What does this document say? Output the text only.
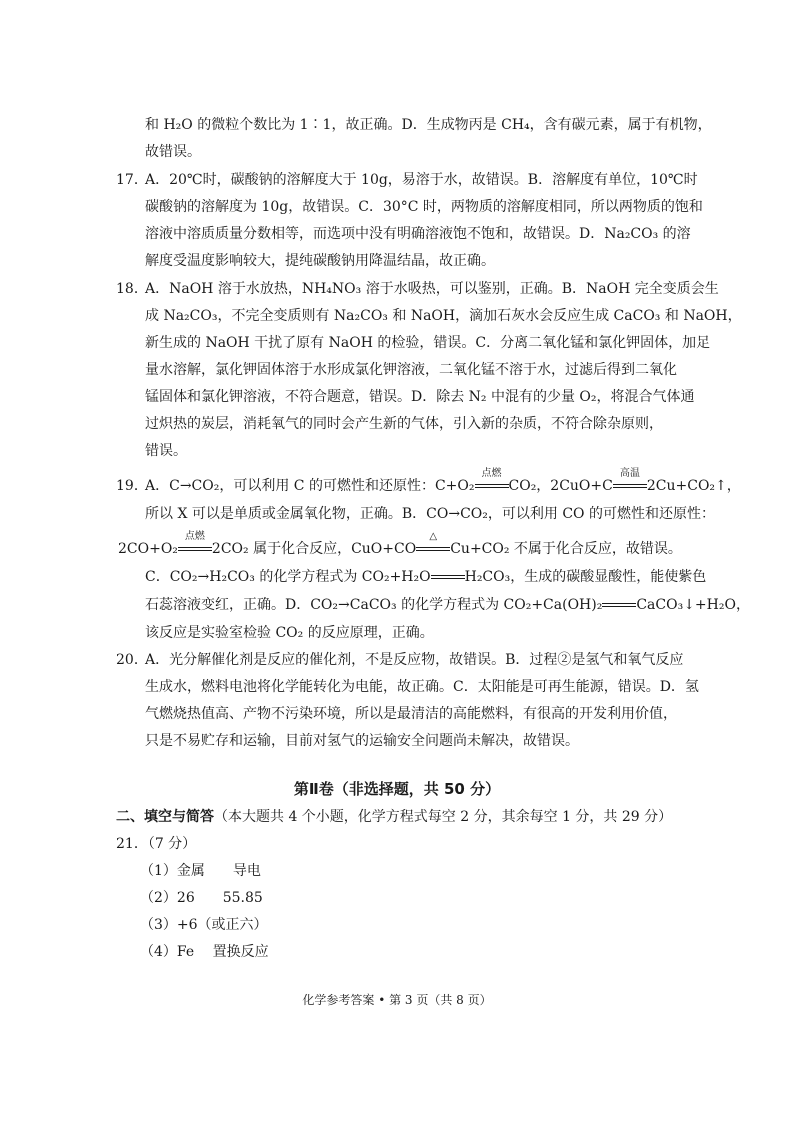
和 H₂O 的微粒个数比为 1∶1，故正确。D．生成物丙是 CH₄，含有碳元素，属于有机物，
故错误。
17．
A．20℃时，碳酸钠的溶解度大于 10g，易溶于水，故错误。B．溶解度有单位，10℃时
碳酸钠的溶解度为 10g，故错误。C．30°C 时，两物质的溶解度相同，所以两物质的饱和
溶液中溶质质量分数相等，而选项中没有明确溶液饱不饱和，故错误。D．Na₂CO₃ 的溶
解度受温度影响较大，提纯碳酸钠用降温结晶，故正确。
18．
A．NaOH 溶于水放热，NH₄NO₃ 溶于水吸热，可以鉴别，正确。B．NaOH 完全变质会生
成 Na₂CO₃，不完全变质则有 Na₂CO₃ 和 NaOH，滴加石灰水会反应生成 CaCO₃ 和 NaOH，
新生成的 NaOH 干扰了原有 NaOH 的检验，错误。C．分离二氧化锰和氯化钾固体，加足
量水溶解，氯化钾固体溶于水形成氯化钾溶液，二氧化锰不溶于水，过滤后得到二氧化
锰固体和氯化钾溶液，不符合题意，错误。D．除去 N₂ 中混有的少量 O₂，将混合气体通
过炽热的炭层，消耗氧气的同时会产生新的气体，引入新的杂质，不符合除杂原则，
错误。
19．
A．C→CO₂，可以利用 C 的可燃性和还原性：C+O₂
点燃
CO₂，2CuO+C
高温
2Cu+CO₂↑，
所以 X 可以是单质或金属氧化物，正确。B．CO→CO₂，可以利用 CO 的可燃性和还原性：
2CO+O₂
点燃
2CO₂ 属于化合反应，CuO+CO
△
Cu+CO₂ 不属于化合反应，故错误。
C．CO₂→H₂CO₃ 的化学方程式为 CO₂+H₂O H₂CO₃，生成的碳酸显酸性，能使紫色
石蕊溶液变红，正确。D．CO₂→CaCO₃ 的化学方程式为 CO₂+Ca(OH)₂ CaCO₃↓+H₂O，
该反应是实验室检验 CO₂ 的反应原理，正确。
20．
A．光分解催化剂是反应的催化剂，不是反应物，故错误。B．过程②是氢气和氧气反应
生成水，燃料电池将化学能转化为电能，故正确。C．太阳能是可再生能源，错误。D．氢
气燃烧热值高、产物不污染环境，所以是最清洁的高能燃料，有很高的开发利用价值，
只是不易贮存和运输，目前对氢气的运输安全问题尚未解决，故错误。
第Ⅱ卷（非选择题，共 50 分）
二、填空与简答（本大题共 4 个小题，化学方程式每空 2 分，其余每空 1 分，共 29 分）
21．（7 分）
（1）金属　　导电
（2）26　　55.85
（3）+6（或正六）
（4）Fe　 置换反应
化学参考答案 • 第 3 页（共 8 页）
